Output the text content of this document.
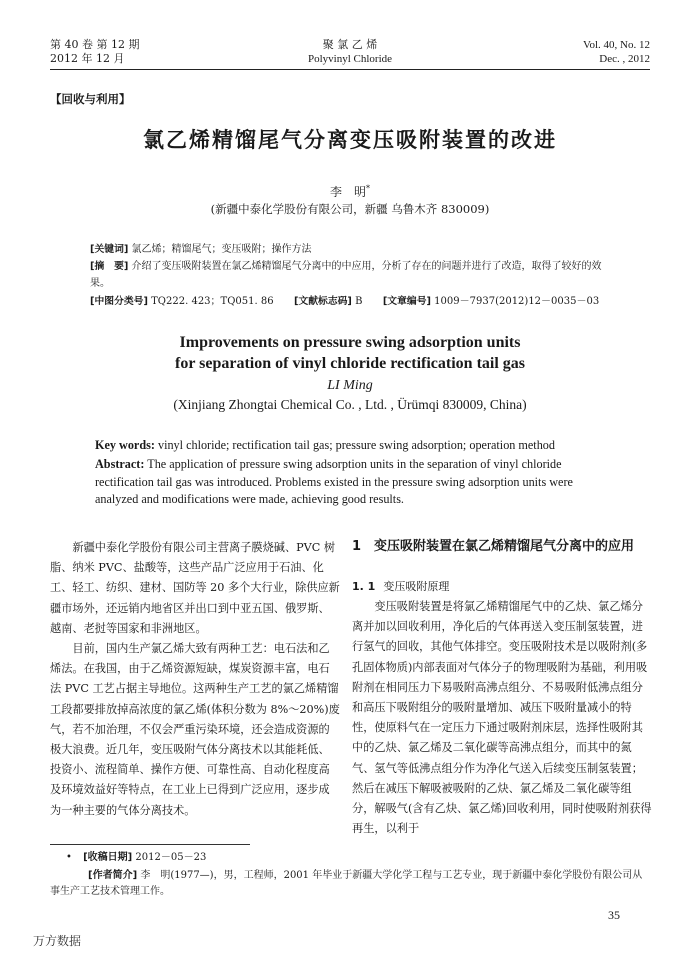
第 40 卷 第 12 期
2012 年 12 月
聚 氯 乙 烯
Polyvinyl Chloride
Vol. 40, No. 12
Dec. , 2012
【回收与利用】
氯乙烯精馏尾气分离变压吸附装置的改进
李　明*
(新疆中泰化学股份有限公司，新疆 乌鲁木齐 830009)
[关键词] 氯乙烯；精馏尾气；变压吸附；操作方法
[摘　要] 介绍了变压吸附装置在氯乙烯精馏尾气分离中的中应用，分析了存在的问题并进行了改造，取得了较好的效果。
[中图分类号] TQ222. 423；TQ051. 86 [文献标志码] B [文章编号] 1009－7937(2012)12－0035－03
Improvements on pressure swing adsorption units
for separation of vinyl chloride rectification tail gas
LI Ming
(Xinjiang Zhongtai Chemical Co. , Ltd. , Ürümqi 830009, China)
Key words: vinyl chloride; rectification tail gas; pressure swing adsorption; operation method
Abstract: The application of pressure swing adsorption units in the separation of vinyl chloride rectification tail gas was introduced. Problems existed in the pressure swing adsorption units were analyzed and modifications were made, achieving good results.

新疆中泰化学股份有限公司主营离子膜烧碱、PVC 树脂、纳米 PVC、盐酸等，这些产品广泛应用于石油、化工、轻工、纺织、建材、国防等 20 多个大行业，除供应新疆市场外，还远销内地省区并出口到中亚五国、俄罗斯、越南、老挝等国家和非洲地区。

目前，国内生产氯乙烯大致有两种工艺：电石法和乙烯法。在我国，由于乙烯资源短缺，煤炭资源丰富，电石法 PVC 工艺占据主导地位。这两种生产工艺的氯乙烯精馏工段都要排放掉高浓度的氯乙烯(体积分数为 8%～20%)废气，若不加治理，不仅会严重污染环境，还会造成资源的极大浪费。近几年，变压吸附气体分离技术以其能耗低、投资小、流程简单、操作方便、可靠性高、自动化程度高及环境效益好等特点，在工业上已得到广泛应用，逐步成为一种主要的气体分离技术。

1　变压吸附装置在氯乙烯精馏尾气分离中的应用
1. 1 变压吸附原理

变压吸附装置是将氯乙烯精馏尾气中的乙炔、氯乙烯分离并加以回收利用，净化后的气体再送入变压制氢装置，进行氢气的回收，其他气体排空。变压吸附技术是以吸附剂(多孔固体物质)内部表面对气体分子的物理吸附为基础，利用吸附剂在相同压力下易吸附高沸点组分、不易吸附低沸点组分和高压下吸附组分的吸附量增加、减压下吸附量减小的特性，使原料气在一定压力下通过吸附剂床层，选择性吸附其中的乙炔、氯乙烯及二氧化碳等高沸点组分，而其中的氮气、氢气等低沸点组分作为净化气送入后续变压制氢装置；然后在减压下解吸被吸附的乙炔、氯乙烯及二氧化碳等组分，解吸气(含有乙炔、氯乙烯)回收利用，同时使吸附剂获得再生，以利于

• [收稿日期] 2012－05－23
[作者简介] 李　明(1977—)，男，工程师，2001 年毕业于新疆大学化学工程与工艺专业，现于新疆中泰化学股份有限公司从事生产工艺技术管理工作。
35
万方数据
